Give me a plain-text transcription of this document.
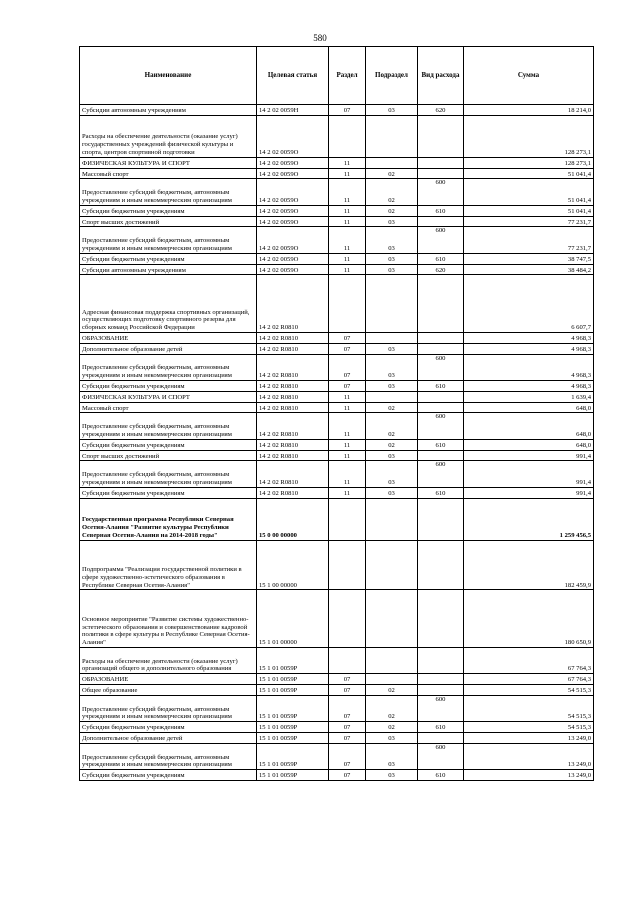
580
Наименование	Целевая статья	Раздел	Подраздел	Вид расхода	Сумма
Субсидии автономным учреждениям	14 2 02 0059Н	07	03	620	18 214,0
Расходы на обеспечение деятельности (оказание услуг) государственных учреждений физической культуры и спорта, центров спортивной подготовки	14 2 02 0059О				128 273,1
ФИЗИЧЕСКАЯ КУЛЬТУРА И СПОРТ	14 2 02 0059О	11			128 273,1
Массовый спорт	14 2 02 0059О	11	02		51 041,4
Предоставление субсидий бюджетным, автономным учреждениям и иным некоммерческим организациям	14 2 02 0059О	11	02	600	51 041,4
Субсидии бюджетным учреждениям	14 2 02 0059О	11	02	610	51 041,4
Спорт высших достижений	14 2 02 0059О	11	03		77 231,7
Предоставление субсидий бюджетным, автономным учреждениям и иным некоммерческим организациям	14 2 02 0059О	11	03	600	77 231,7
Субсидии бюджетным учреждениям	14 2 02 0059О	11	03	610	38 747,5
Субсидии автономным учреждениям	14 2 02 0059О	11	03	620	38 484,2
Адресная финансовая поддержка спортивных организаций, осуществляющих подготовку спортивного резерва для сборных команд Российской Федерации	14 2 02 R0810				6 607,7
ОБРАЗОВАНИЕ	14 2 02 R0810	07			4 968,3
Дополнительное образование детей	14 2 02 R0810	07	03		4 968,3
Предоставление субсидий бюджетным, автономным учреждениям и иным некоммерческим организациям	14 2 02 R0810	07	03	600	4 968,3
Субсидии бюджетным учреждениям	14 2 02 R0810	07	03	610	4 968,3
ФИЗИЧЕСКАЯ КУЛЬТУРА И СПОРТ	14 2 02 R0810	11			1 639,4
Массовый спорт	14 2 02 R0810	11	02		648,0
Предоставление субсидий бюджетным, автономным учреждениям и иным некоммерческим организациям	14 2 02 R0810	11	02	600	648,0
Субсидии бюджетным учреждениям	14 2 02 R0810	11	02	610	648,0
Спорт высших достижений	14 2 02 R0810	11	03		991,4
Предоставление субсидий бюджетным, автономным учреждениям и иным некоммерческим организациям	14 2 02 R0810	11	03	600	991,4
Субсидии бюджетным учреждениям	14 2 02 R0810	11	03	610	991,4
Государственная программа Республики Северная Осетия-Алания "Развитие культуры Республики Северная Осетия-Алания на 2014-2018 годы"	15 0 00 00000				1 259 456,5
Подпрограмма "Реализация государственной политики в сфере художественно-эстетического образования в Республике Северная Осетия-Алания"	15 1 00 00000				182 459,9
Основное мероприятие "Развитие системы художественно-эстетического образования и совершенствование кадровой политики в сфере культуры в Республике Северная Осетия-Алания"	15 1 01 00000				180 650,9
Расходы на обеспечение деятельности (оказание услуг) организаций общего и дополнительного образования	15 1 01 0059Р				67 764,3
ОБРАЗОВАНИЕ	15 1 01 0059Р	07			67 764,3
Общее образование	15 1 01 0059Р	07	02		54 515,3
Предоставление субсидий бюджетным, автономным учреждениям и иным некоммерческим организациям	15 1 01 0059Р	07	02	600	54 515,3
Субсидии бюджетным учреждениям	15 1 01 0059Р	07	02	610	54 515,3
Дополнительное образование детей	15 1 01 0059Р	07	03		13 249,0
Предоставление субсидий бюджетным, автономным учреждениям и иным некоммерческим организациям	15 1 01 0059Р	07	03	600	13 249,0
Субсидии бюджетным учреждениям	15 1 01 0059Р	07	03	610	13 249,0
